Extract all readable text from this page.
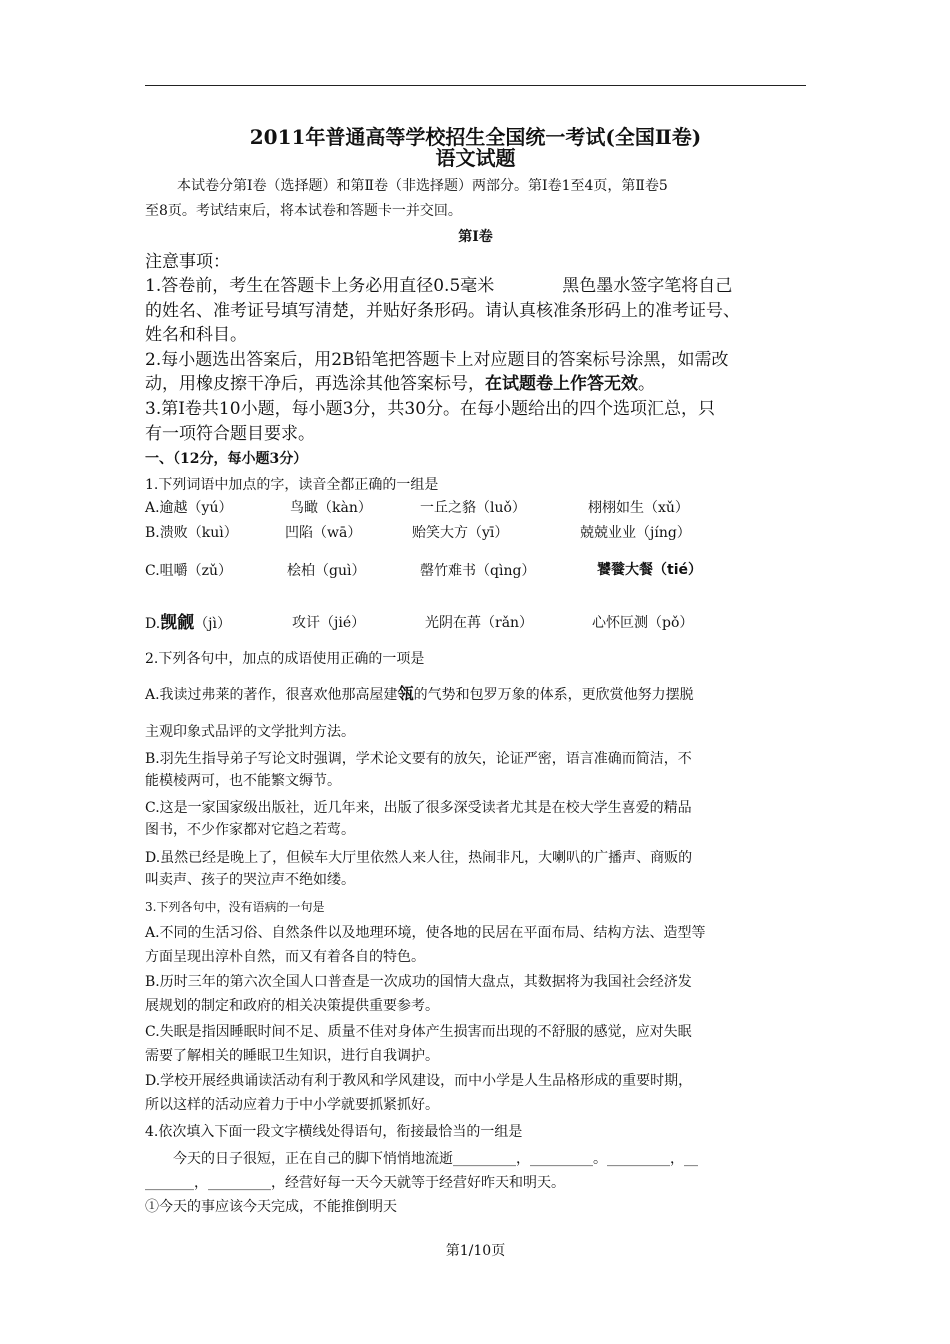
2011年普通高等学校招生全国统一考试(全国Ⅱ卷)
语文试题
本试卷分第Ⅰ卷（选择题）和第Ⅱ卷（非选择题）两部分。第Ⅰ卷1至4页，第Ⅱ卷5
至8页。考试结束后，将本试卷和答题卡一并交回。
第Ⅰ卷
注意事项：
1.答卷前，考生在答题卡上务必用直径0.5毫米　　　　黑色墨水签字笔将自己
的姓名、准考证号填写清楚，并贴好条形码。请认真核准条形码上的准考证号、
姓名和科目。
2.每小题选出答案后，用2B铅笔把答题卡上对应题目的答案标号涂黑，如需改
动，用橡皮擦干净后，再选涂其他答案标号，在试题卷上作答无效。
3.第Ⅰ卷共10小题，每小题3分，共30分。在每小题给出的四个选项汇总，只
有一项符合题目要求。
一、（12分，每小题3分）
1.下列词语中加点的字，读音全都正确的一组是
A.逾越（yú）	鸟瞰（kàn）	一丘之貉（luǒ）	栩栩如生（xǔ）
B.溃败（kuì）	凹陷（wā）	贻笑大方（yī）	兢兢业业（jíng）
C.咀嚼（zǔ）	桧柏（guì）	罄竹难书（qìng）	饕餮大餐（tié）
D.觊觎（jì）	攻讦（jié）	光阴在苒（rǎn）	心怀叵测（pǒ）
2.下列各句中，加点的成语使用正确的一项是
A.我读过弗莱的著作，很喜欢他那高屋建瓴的气势和包罗万象的体系，更欣赏他努力摆脱
主观印象式品评的文学批判方法。
B.羽先生指导弟子写论文时强调，学术论文要有的放矢，论证严密，语言准确而简洁，不
能模棱两可，也不能繁文缛节。
C.这是一家国家级出版社，近几年来，出版了很多深受读者尤其是在校大学生喜爱的精品
图书，不少作家都对它趋之若莺。
D.虽然已经是晚上了，但候车大厅里依然人来人往，热闹非凡，大喇叭的广播声、商贩的
叫卖声、孩子的哭泣声不绝如缕。
3.下列各句中，没有语病的一句是
A.不同的生活习俗、自然条件以及地理环境，使各地的民居在平面布局、结构方法、造型等
方面呈现出淳朴自然，而又有着各自的特色。
B.历时三年的第六次全国人口普查是一次成功的国情大盘点，其数据将为我国社会经济发
展规划的制定和政府的相关决策提供重要参考。
C.失眠是指因睡眠时间不足、质量不佳对身体产生损害而出现的不舒服的感觉，应对失眠
需要了解相关的睡眠卫生知识，进行自我调护。
D.学校开展经典诵读活动有利于教风和学风建设，而中小学是人生品格形成的重要时期，
所以这样的活动应着力于中小学就要抓紧抓好。
4.依次填入下面一段文字横线处得语句，衔接最恰当的一组是
　　今天的日子很短，正在自己的脚下悄悄地流逝_________，_________。_________，__
_______，_________，经营好每一天今天就等于经营好昨天和明天。
①今天的事应该今天完成，不能推倒明天
第1/10页
